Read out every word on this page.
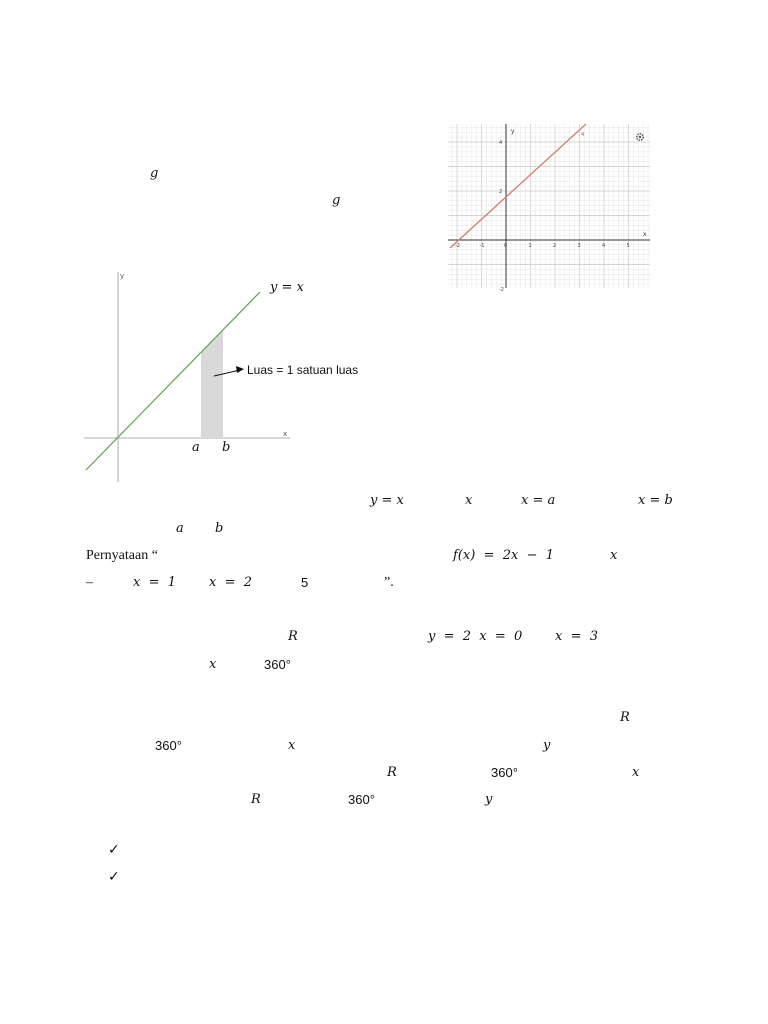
g
g
y
x
4
-2	-1	0	1	2	3	4	5
4
2
-2
y
x
y = x
Luas = 1 satuan luas
a b
y = x	x	x = a	x = b
a b
Pernyataan “	f(x)  =  2x  −  1	x
–	x  =  1	x  =  2	5	”.
R	y  =  2  x  =  0	x  =  3
x	360°
R
360°	x	y
R	360°	x
R	360°	y
✓
✓
